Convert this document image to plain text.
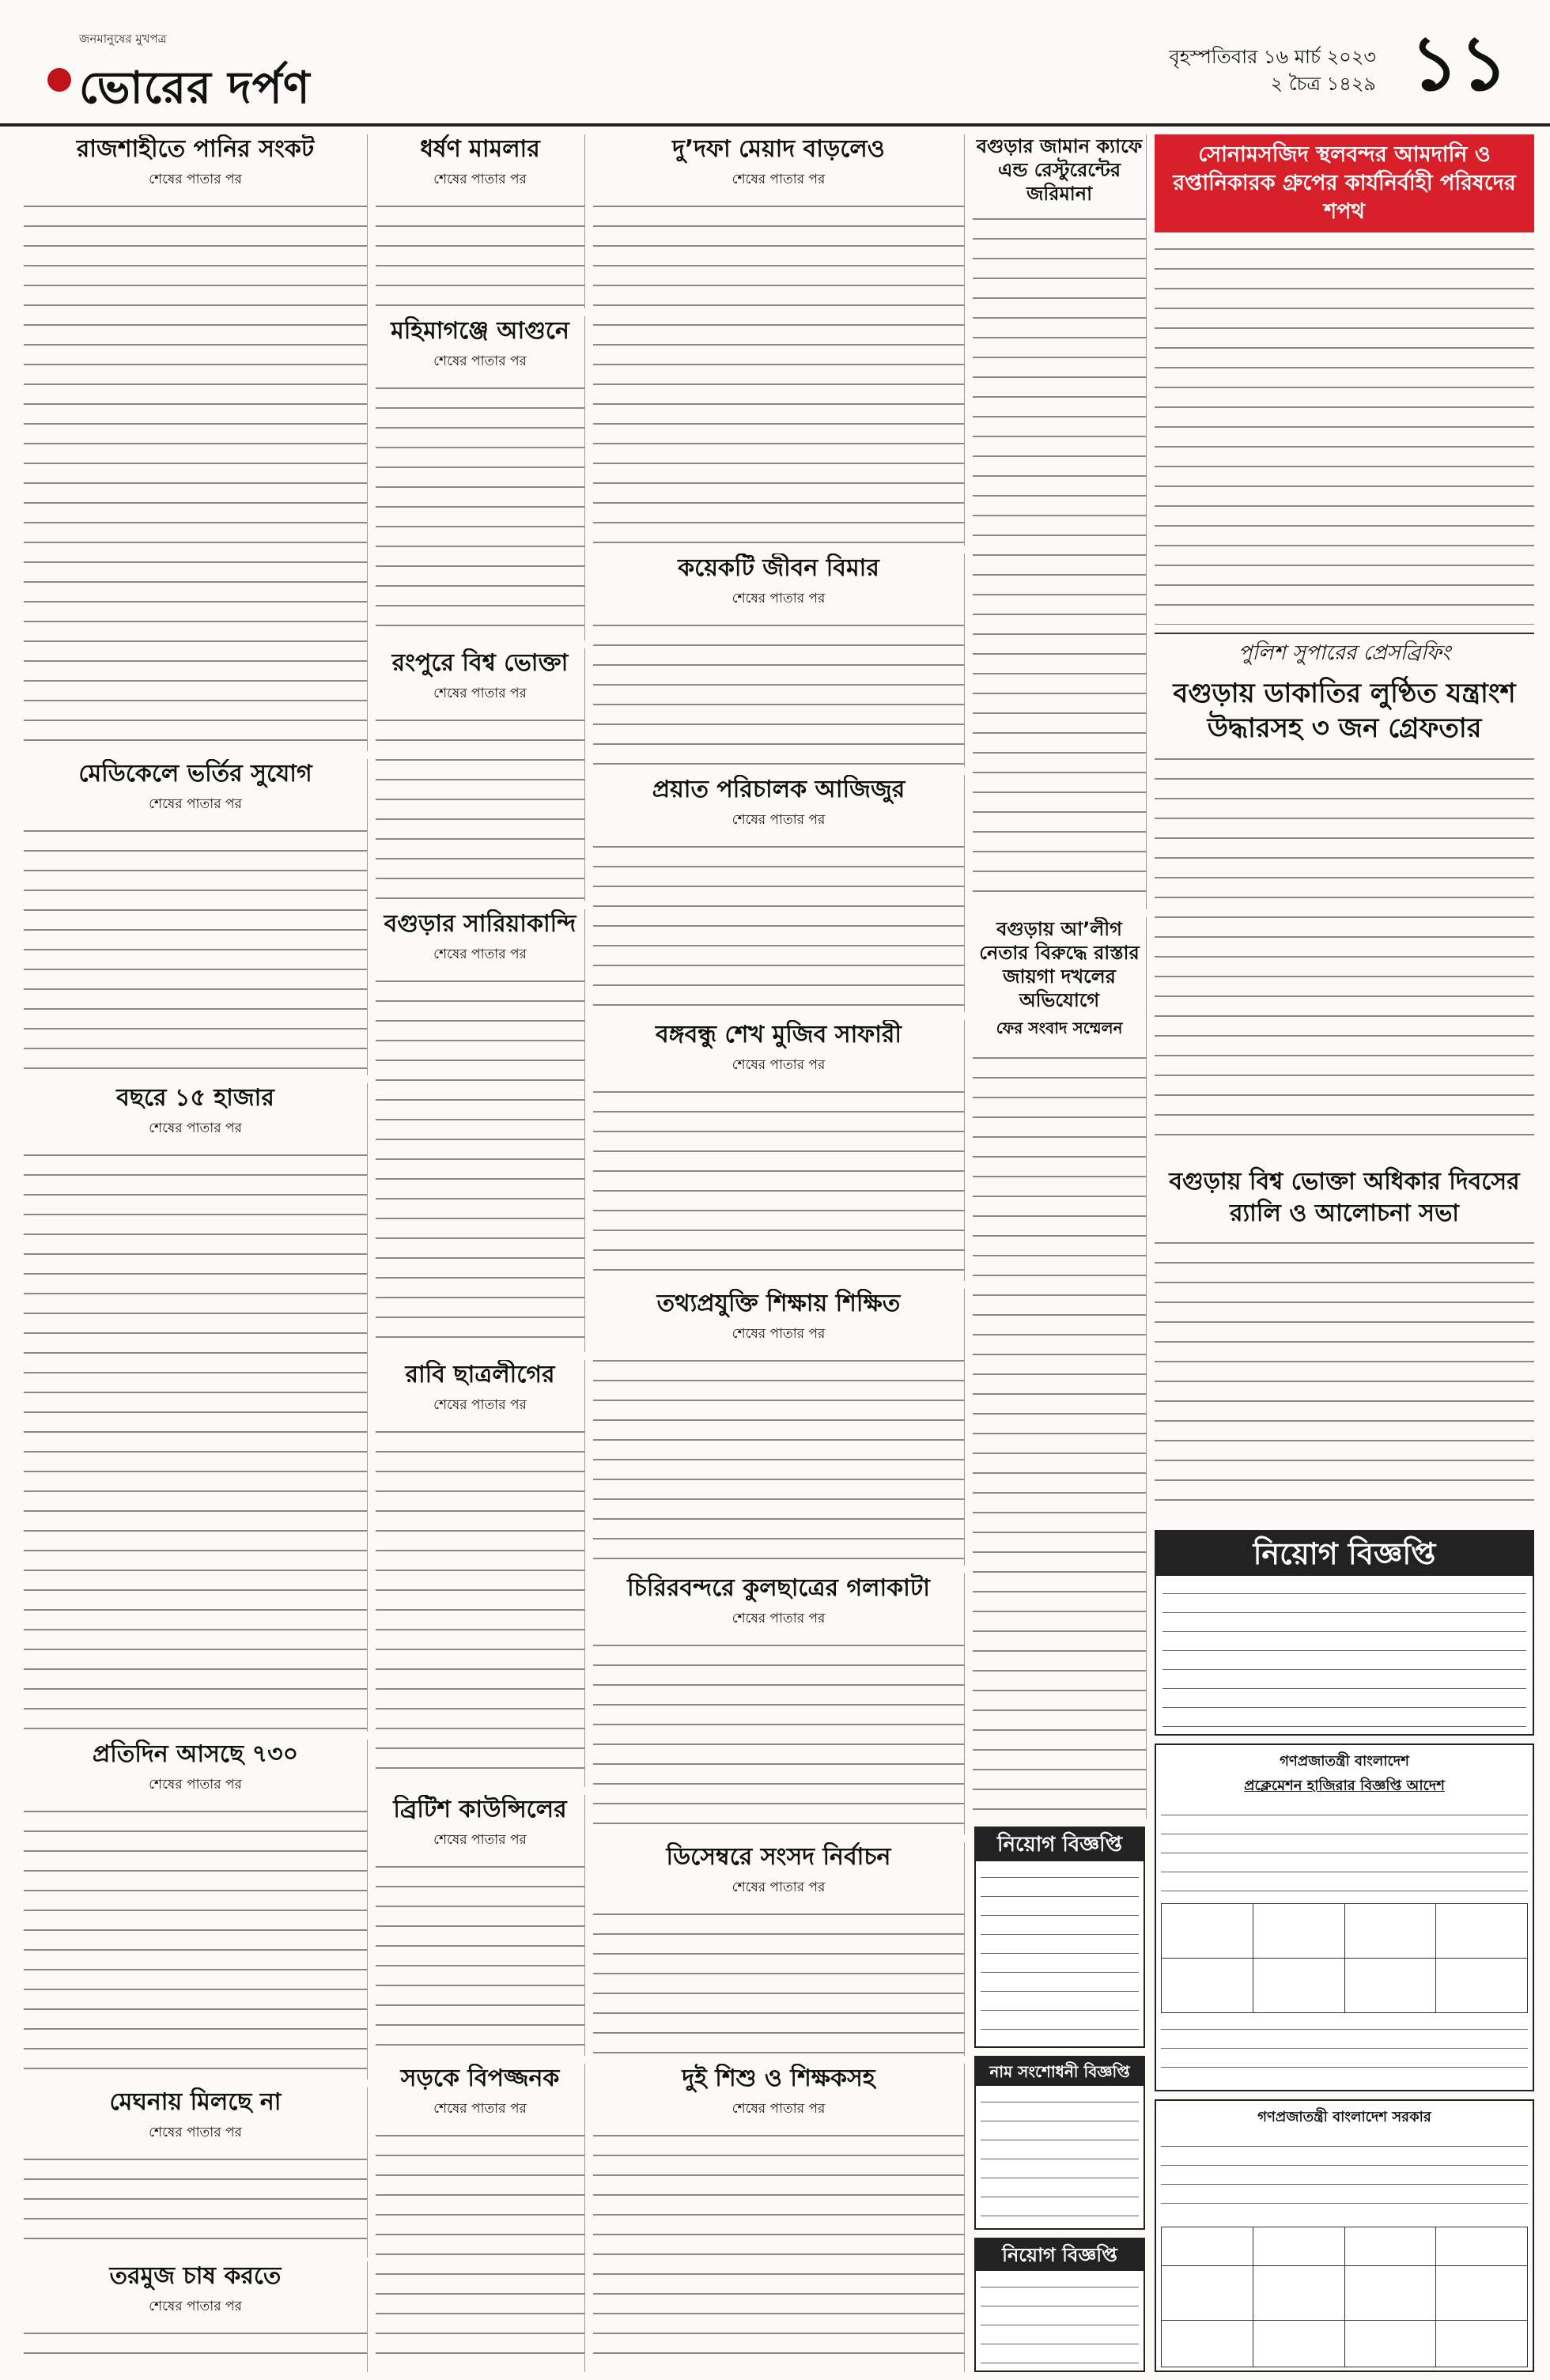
জনমানুষের মুখপত্র
ভোরের দর্পণ
বৃহস্পতিবার ১৬ মার্চ ২০২৩
২ চৈত্র ১৪২৯ ১১
রাজশাহীতে পানির সংকট
শেষের পাতার পর
মেডিকেলে ভর্তির সুযোগ
শেষের পাতার পর
বছরে ১৫ হাজার
শেষের পাতার পর
প্রতিদিন আসছে ৭৩০
শেষের পাতার পর
মেঘনায় মিলছে না
শেষের পাতার পর
তরমুজ চাষ করতে
শেষের পাতার পর
ধর্ষণ মামলার
শেষের পাতার পর
মহিমাগঞ্জে আগুনে
শেষের পাতার পর
রংপুরে বিশ্ব ভোক্তা
শেষের পাতার পর
বগুড়ার সারিয়াকান্দি
শেষের পাতার পর
রাবি ছাত্রলীগের
শেষের পাতার পর
ব্রিটিশ কাউন্সিলের
শেষের পাতার পর
সড়কে বিপজ্জনক
শেষের পাতার পর
দু’দফা মেয়াদ বাড়লেও
শেষের পাতার পর
কয়েকটি জীবন বিমার
শেষের পাতার পর
প্রয়াত পরিচালক আজিজুর
শেষের পাতার পর
বঙ্গবন্ধু শেখ মুজিব সাফারী
শেষের পাতার পর
তথ্যপ্রযুক্তি শিক্ষায় শিক্ষিত
শেষের পাতার পর
চিরিরবন্দরে কুলছাত্রের গলাকাটা
শেষের পাতার পর
ডিসেম্বরে সংসদ নির্বাচন
শেষের পাতার পর
দুই শিশু ও শিক্ষকসহ
শেষের পাতার পর
বগুড়ার জামান ক্যাফে এন্ড রেস্টুরেন্টের জরিমানা
বগুড়ায় আ’লীগ নেতার বিরুদ্ধে রাস্তার জায়গা দখলের অভিযোগে
ফের সংবাদ সম্মেলন
নিয়োগ বিজ্ঞপ্তি
নাম সংশোধনী বিজ্ঞপ্তি
নিয়োগ বিজ্ঞপ্তি
সোনামসজিদ স্থলবন্দর আমদানি ও রপ্তানিকারক গ্রুপের কার্যনির্বাহী পরিষদের শপথ
পুলিশ সুপারের প্রেসব্রিফিং
বগুড়ায় ডাকাতির লুণ্ঠিত যন্ত্রাংশ উদ্ধারসহ ৩ জন গ্রেফতার
বগুড়ায় বিশ্ব ভোক্তা অধিকার দিবসের র‌্যালি ও আলোচনা সভা
নিয়োগ বিজ্ঞপ্তি
গণপ্রজাতন্ত্রী বাংলাদেশ
প্রক্লেমেশন হাজিরার বিজ্ঞপ্তি আদেশ

গণপ্রজাতন্ত্রী বাংলাদেশ সরকার
